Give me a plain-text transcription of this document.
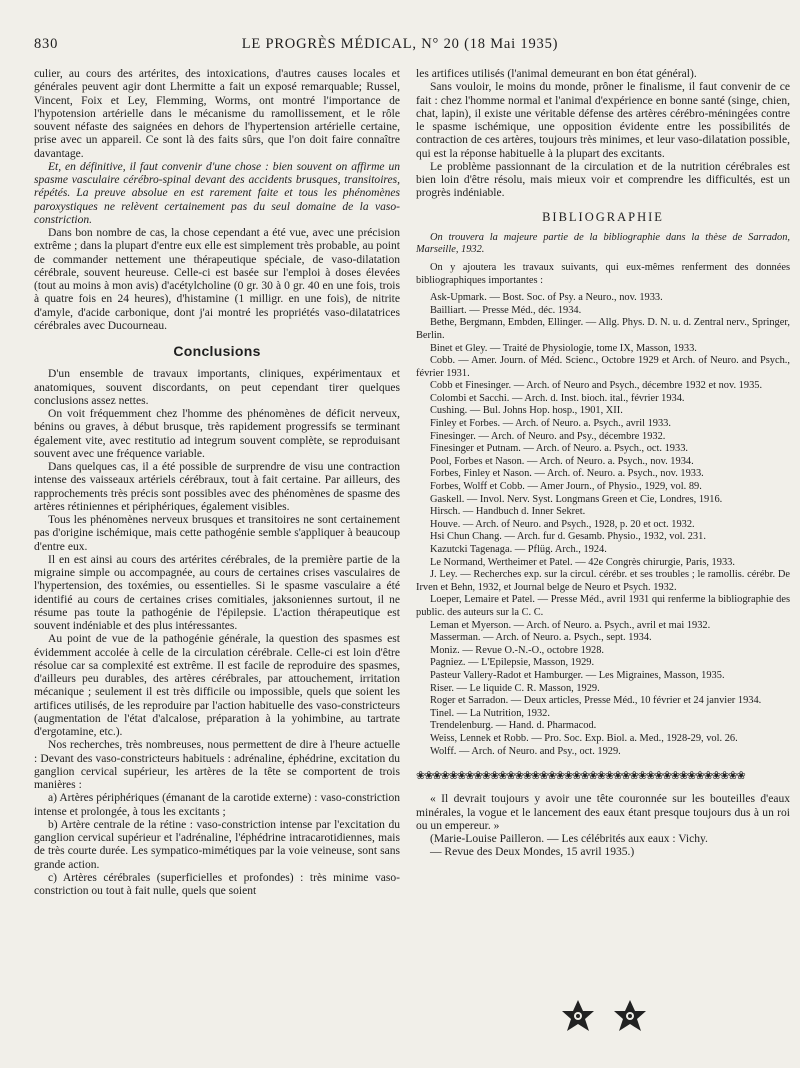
830	LE PROGRÈS MÉDICAL, N° 20 (18 Mai 1935)

culier, au cours des artérites, des intoxications, d'autres causes locales et générales peuvent agir dont Lhermitte a fait un exposé remarquable; Russel, Vincent, Foix et Ley, Flemming, Worms, ont montré l'importance de l'hypotension artérielle dans le mécanisme du ramollissement, et le rôle souvent néfaste des saignées en dehors de l'hypertension artérielle certaine, prise avec un appareil. Ce sont là des faits sûrs, que l'on doit faire connaître davantage.

Et, en définitive, il faut convenir d'une chose : bien souvent on affirme un spasme vasculaire cérébro-spinal devant des accidents brusques, transitoires, répétés. La preuve absolue en est rarement faite et tous les phénomènes paroxystiques ne relèvent certainement pas du seul domaine de la vaso-constriction.

Dans bon nombre de cas, la chose cependant a été vue, avec une précision extrême ; dans la plupart d'entre eux elle est simplement très probable, au point de commander nettement une thérapeutique spéciale, de vaso-dilatation cérébrale, souvent heureuse. Celle-ci est basée sur l'emploi à doses élevées (tout au moins à mon avis) d'acétylcholine (0 gr. 30 à 0 gr. 40 en une fois, trois à quatre fois en 24 heures), d'histamine (1 milligr. en une fois), de nitrite d'amyle, d'acide carbonique, dont j'ai montré les propriétés vaso-dilatatrices cérébrales avec Ducourneau.

Conclusions

D'un ensemble de travaux importants, cliniques, expérimentaux et anatomiques, souvent discordants, on peut cependant tirer quelques conclusions assez nettes.

On voit fréquemment chez l'homme des phénomènes de déficit nerveux, bénins ou graves, à début brusque, très rapidement progressifs se terminant également vite, avec restitutio ad integrum souvent complète, se reproduisant souvent avec une fréquence variable.

Dans quelques cas, il a été possible de surprendre de visu une contraction intense des vaisseaux artériels cérébraux, tout à fait certaine. Par ailleurs, des rapprochements très précis sont possibles avec des phénomènes de spasme des artères rétiniennes et périphériques, également visibles.

Tous les phénomènes nerveux brusques et transitoires ne sont certainement pas d'origine ischémique, mais cette pathogénie semble s'appliquer à beaucoup d'entre eux.

Il en est ainsi au cours des artérites cérébrales, de la première partie de la migraine simple ou accompagnée, au cours de certaines crises vasculaires de l'hypertension, des toxémies, ou essentielles. Si le spasme vasculaire a été identifié au cours de certaines crises comitiales, jaksoniennes surtout, il ne résume pas toute la pathogénie de l'épilepsie. L'action thérapeutique est souvent indéniable et des plus intéressantes.

Au point de vue de la pathogénie générale, la question des spasmes est évidemment accolée à celle de la circulation cérébrale. Celle-ci est loin d'être résolue car sa complexité est extrême. Il est facile de reproduire des spasmes, d'ailleurs peu durables, des artères cérébrales, par attouchement, irritation mécanique ; seulement il est très difficile ou impossible, quels que soient les artifices utilisés, de les reproduire par l'action habituelle des vaso-constricteurs (augmentation de l'état d'alcalose, préparation à la yohimbine, au tartrate d'ergotamine, etc.).

Nos recherches, très nombreuses, nous permettent de dire à l'heure actuelle : Devant des vaso-constricteurs habituels : adrénaline, éphédrine, excitation du ganglion cervical supérieur, les artères de la tête se comportent de trois manières :

a) Artères périphériques (émanant de la carotide externe) : vaso-constriction intense et prolongée, à tous les excitants ;

b) Artère centrale de la rétine : vaso-constriction intense par l'excitation du ganglion cervical supérieur et l'adrénaline, l'éphédrine intracarotidiennes, mais de très courte durée. Les sympatico-mimétiques par la voie veineuse, sont sans grande action.

c) Artères cérébrales (superficielles et profondes) : très minime vaso-constriction ou tout à fait nulle, quels que soient

les artifices utilisés (l'animal demeurant en bon état général).

Sans vouloir, le moins du monde, prôner le finalisme, il faut convenir de ce fait : chez l'homme normal et l'animal d'expérience en bonne santé (singe, chien, chat, lapin), il existe une véritable défense des artères cérébro-méningées contre le spasme ischémique, une opposition évidente entre les possibilités de contraction de ces artères, toujours très minimes, et leur vaso-dilatation possible, qui est la réponse habituelle à la plupart des excitants.

Le problème passionnant de la circulation et de la nutrition cérébrales est bien loin d'être résolu, mais mieux voir et comprendre les difficultés, est un progrès indéniable.

BIBLIOGRAPHIE

On trouvera la majeure partie de la bibliographie dans la thèse de Sarradon, Marseille, 1932.

On y ajoutera les travaux suivants, qui eux-mêmes renferment des données bibliographiques importantes :

Ask-Upmark. — Bost. Soc. of Psy. a Neuro., nov. 1933.

Bailliart. — Presse Méd., déc. 1934.

Bethe, Bergmann, Embden, Ellinger. — Allg. Phys. D. N. u. d. Zentral nerv., Springer, Berlin.

Binet et Gley. — Traité de Physiologie, tome IX, Masson, 1933.

Cobb. — Amer. Journ. of Méd. Scienc., Octobre 1929 et Arch. of Neuro. and Psych., février 1931.

Cobb et Finesinger. — Arch. of Neuro and Psych., décembre 1932 et nov. 1935.

Colombi et Sacchi. — Arch. d. Inst. bioch. ital., février 1934.

Cushing. — Bul. Johns Hop. hosp., 1901, XII.

Finley et Forbes. — Arch. of Neuro. a. Psych., avril 1933.

Finesinger. — Arch. of Neuro. and Psy., décembre 1932.

Finesinger et Putnam. — Arch. of Neuro. a. Psych., oct. 1933.

Pool, Forbes et Nason. — Arch. of Neuro. a. Psych., nov. 1934.

Forbes, Finley et Nason. — Arch. of. Neuro. a. Psych., nov. 1933.

Forbes, Wolff et Cobb. — Amer Journ., of Physio., 1929, vol. 89.

Gaskell. — Invol. Nerv. Syst. Longmans Green et Cie, Londres, 1916.

Hirsch. — Handbuch d. Inner Sekret.

Houve. — Arch. of Neuro. and Psych., 1928, p. 20 et oct. 1932.

Hsi Chun Chang. — Arch. fur d. Gesamb. Physio., 1932, vol. 231.

Kazutcki Tagenaga. — Pflüg. Arch., 1924.

Le Normand, Wertheimer et Patel. — 42e Congrès chirurgie, Paris, 1933.

J. Ley. — Recherches exp. sur la circul. cérébr. et ses troubles ; le ramollis. cérébr. De Irven et Behn, 1932, et Journal belge de Neuro et Psych. 1932.

Loeper, Lemaire et Patel. — Presse Méd., avril 1931 qui renferme la bibliographie des public. des auteurs sur la C. C.

Leman et Myerson. — Arch. of Neuro. a. Psych., avril et mai 1932.

Masserman. — Arch. of Neuro. a. Psych., sept. 1934.

Moniz. — Revue O.-N.-O., octobre 1928.

Pagniez. — L'Epilepsie, Masson, 1929.

Pasteur Vallery-Radot et Hamburger. — Les Migraines, Masson, 1935.

Riser. — Le liquide C. R. Masson, 1929.

Roger et Sarradon. — Deux articles, Presse Méd., 10 février et 24 janvier 1934.

Tinel. — La Nutrition, 1932.

Trendelenburg. — Hand. d. Pharmacod.

Weiss, Lennek et Robb. — Pro. Soc. Exp. Biol. a. Med., 1928-29, vol. 26.

Wolff. — Arch. of Neuro. and Psy., oct. 1929.

❀❀❀❀❀❀❀❀❀❀❀❀❀❀❀❀❀❀❀❀❀❀❀❀❀❀❀❀❀❀❀❀❀❀❀❀❀❀❀❀

« Il devrait toujours y avoir une tête couronnée sur les bouteilles d'eaux minérales, la vogue et le lancement des eaux étant presque toujours dus à un roi ou un empereur. »

(Marie-Louise Pailleron. — Les célébrités aux eaux : Vichy.

— Revue des Deux Mondes, 15 avril 1935.)
